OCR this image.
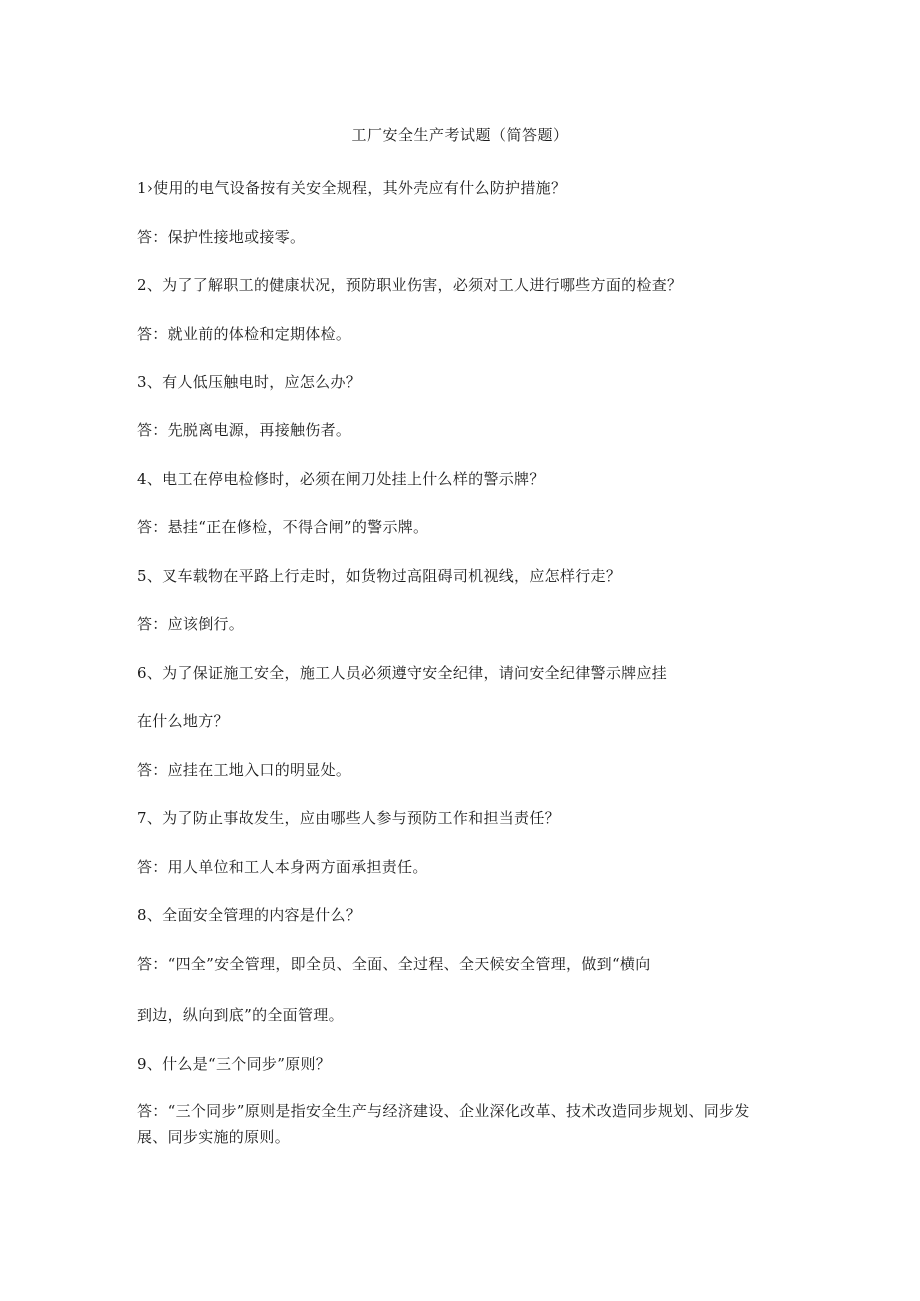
工厂安全生产考试题（简答题）
1›使用的电气设备按有关安全规程，其外壳应有什么防护措施？
答：保护性接地或接零。
2、为了了解职工的健康状况，预防职业伤害，必须对工人进行哪些方面的检查？
答：就业前的体检和定期体检。
3、有人低压触电时，应怎么办？
答：先脱离电源，再接触伤者。
4、电工在停电检修时，必须在闸刀处挂上什么样的警示牌？
答：悬挂“正在修检，不得合闸”的警示牌。
5、叉车载物在平路上行走时，如货物过高阻碍司机视线，应怎样行走？
答：应该倒行。
6、为了保证施工安全，施工人员必须遵守安全纪律，请问安全纪律警示牌应挂
在什么地方？
答：应挂在工地入口的明显处。
7、为了防止事故发生，应由哪些人参与预防工作和担当责任？
答：用人单位和工人本身两方面承担责任。
8、全面安全管理的内容是什么？
答：“四全”安全管理，即全员、全面、全过程、全天候安全管理，做到“横向
到边，纵向到底”的全面管理。
9、什么是“三个同步”原则？
答：“三个同步”原则是指安全生产与经济建设、企业深化改革、技术改造同步规划、同步发展、同步实施的原则。
